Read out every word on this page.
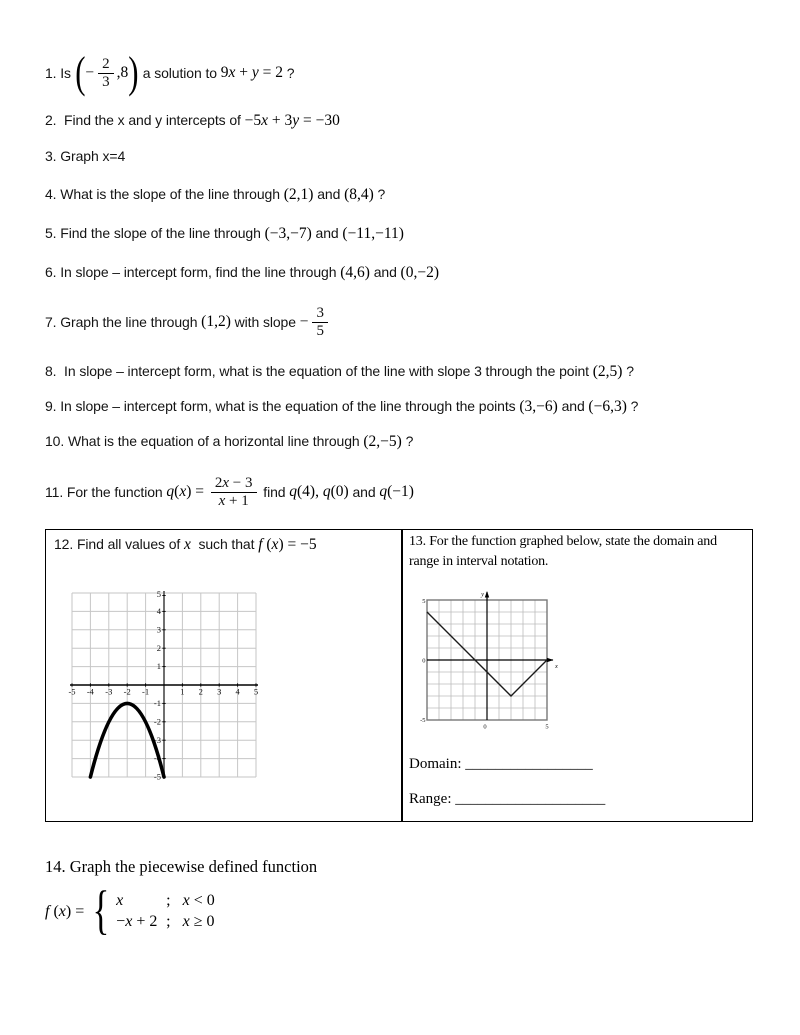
1. Is ( − $\frac{2}{3} ,8$ ) a solution to 9x + y = 2 ?
2.  Find the x and y intercepts of −5x + 3y = −30
3. Graph x=4
4. What is the slope of the line through (2,1) and (8,4) ?
5. Find the slope of the line through (−3,−7) and (−11,−11)
6. In slope – intercept form, find the line through (4,6) and (0,−2)
7. Graph the line through (1,2) with slope − $\frac{3}{5}$
8.  In slope – intercept form, what is the equation of the line with slope 3 through the point (2,5) ?
9. In slope – intercept form, what is the equation of the line through the points (3,−6) and (−6,3) ?
10. What is the equation of a horizontal line through (2,−5) ?
11. For the function $q(x) = \frac{2x - 3}{x + 1}$ find q(4), q(0) and q(−1)
12. Find all values of x such that f (x) = −5
-5 -4 -3 -2 -1	1 2 3 4 5
5
4
3
2
1
-1
-2
-3
-4
-5
13. For the function graphed below, state the domain and
range in interval notation.
5
0
-5
0	5
y
x
Domain: _________________
Range: ____________________
14. Graph the piecewise defined function
f (x) = { x	; x < 0
−x + 2 ; x ≥ 0
